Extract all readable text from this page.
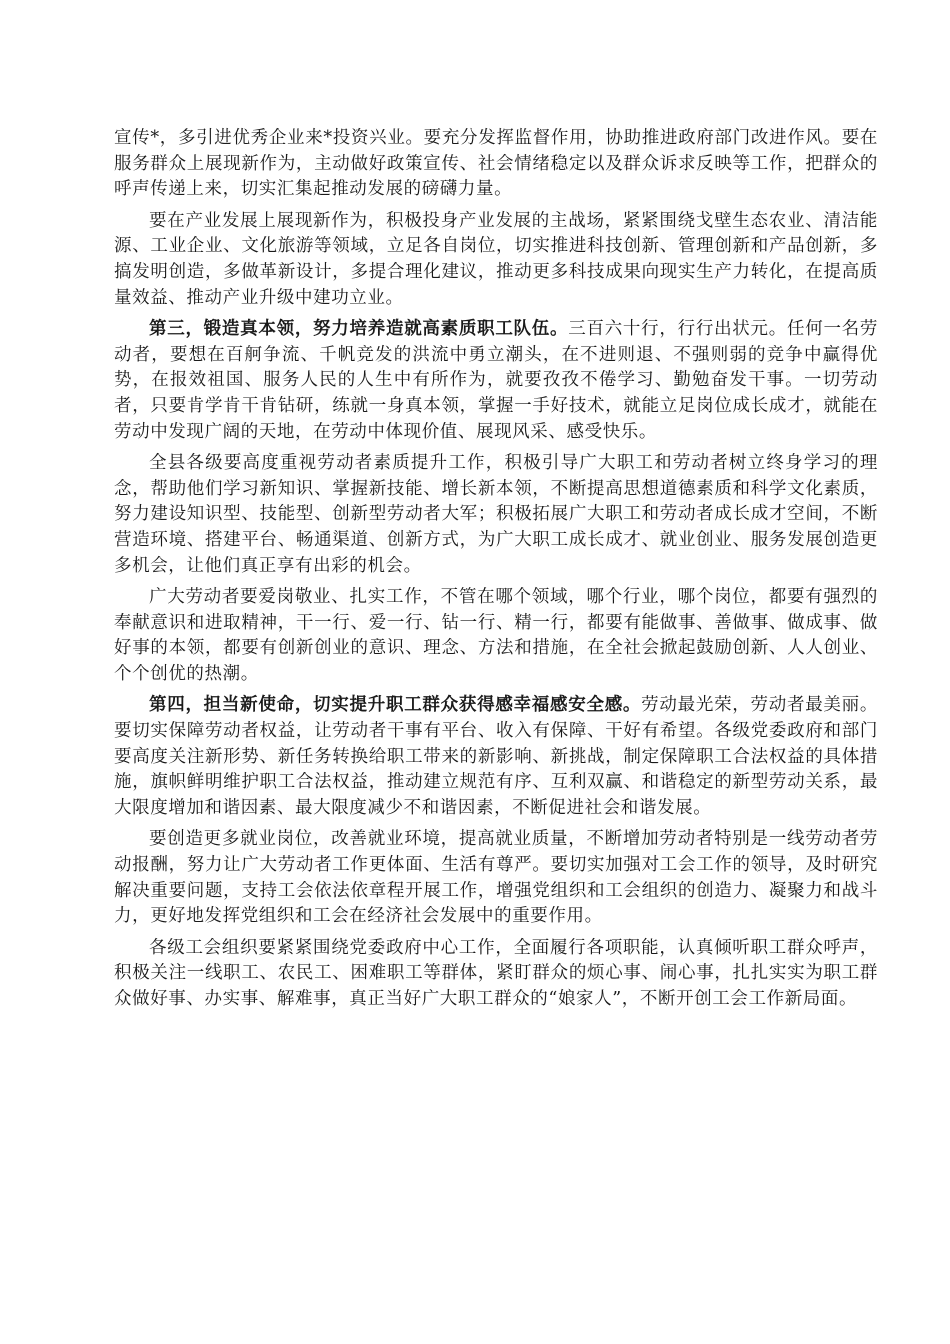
宣传*，多引进优秀企业来*投资兴业。要充分发挥监督作用，协助推进政府部门改进作风。要在服务群众上展现新作为，主动做好政策宣传、社会情绪稳定以及群众诉求反映等工作，把群众的呼声传递上来，切实汇集起推动发展的磅礴力量。

要在产业发展上展现新作为，积极投身产业发展的主战场，紧紧围绕戈壁生态农业、清洁能源、工业企业、文化旅游等领域，立足各自岗位，切实推进科技创新、管理创新和产品创新，多搞发明创造，多做革新设计，多提合理化建议，推动更多科技成果向现实生产力转化，在提高质量效益、推动产业升级中建功立业。

第三，锻造真本领，努力培养造就高素质职工队伍。三百六十行，行行出状元。任何一名劳动者，要想在百舸争流、千帆竞发的洪流中勇立潮头，在不进则退、不强则弱的竞争中赢得优势，在报效祖国、服务人民的人生中有所作为，就要孜孜不倦学习、勤勉奋发干事。一切劳动者，只要肯学肯干肯钻研，练就一身真本领，掌握一手好技术，就能立足岗位成长成才，就能在劳动中发现广阔的天地，在劳动中体现价值、展现风采、感受快乐。

全县各级要高度重视劳动者素质提升工作，积极引导广大职工和劳动者树立终身学习的理念，帮助他们学习新知识、掌握新技能、增长新本领，不断提高思想道德素质和科学文化素质，努力建设知识型、技能型、创新型劳动者大军；积极拓展广大职工和劳动者成长成才空间，不断营造环境、搭建平台、畅通渠道、创新方式，为广大职工成长成才、就业创业、服务发展创造更多机会，让他们真正享有出彩的机会。

广大劳动者要爱岗敬业、扎实工作，不管在哪个领域，哪个行业，哪个岗位，都要有强烈的奉献意识和进取精神，干一行、爱一行、钻一行、精一行，都要有能做事、善做事、做成事、做好事的本领，都要有创新创业的意识、理念、方法和措施，在全社会掀起鼓励创新、人人创业、个个创优的热潮。

第四，担当新使命，切实提升职工群众获得感幸福感安全感。劳动最光荣，劳动者最美丽。要切实保障劳动者权益，让劳动者干事有平台、收入有保障、干好有希望。各级党委政府和部门要高度关注新形势、新任务转换给职工带来的新影响、新挑战，制定保障职工合法权益的具体措施，旗帜鲜明维护职工合法权益，推动建立规范有序、互利双赢、和谐稳定的新型劳动关系，最大限度增加和谐因素、最大限度减少不和谐因素，不断促进社会和谐发展。

要创造更多就业岗位，改善就业环境，提高就业质量，不断增加劳动者特别是一线劳动者劳动报酬，努力让广大劳动者工作更体面、生活有尊严。要切实加强对工会工作的领导，及时研究解决重要问题，支持工会依法依章程开展工作，增强党组织和工会组织的创造力、凝聚力和战斗力，更好地发挥党组织和工会在经济社会发展中的重要作用。

各级工会组织要紧紧围绕党委政府中心工作，全面履行各项职能，认真倾听职工群众呼声，积极关注一线职工、农民工、困难职工等群体，紧盯群众的烦心事、闹心事，扎扎实实为职工群众做好事、办实事、解难事，真正当好广大职工群众的“娘家人”，不断开创工会工作新局面。
